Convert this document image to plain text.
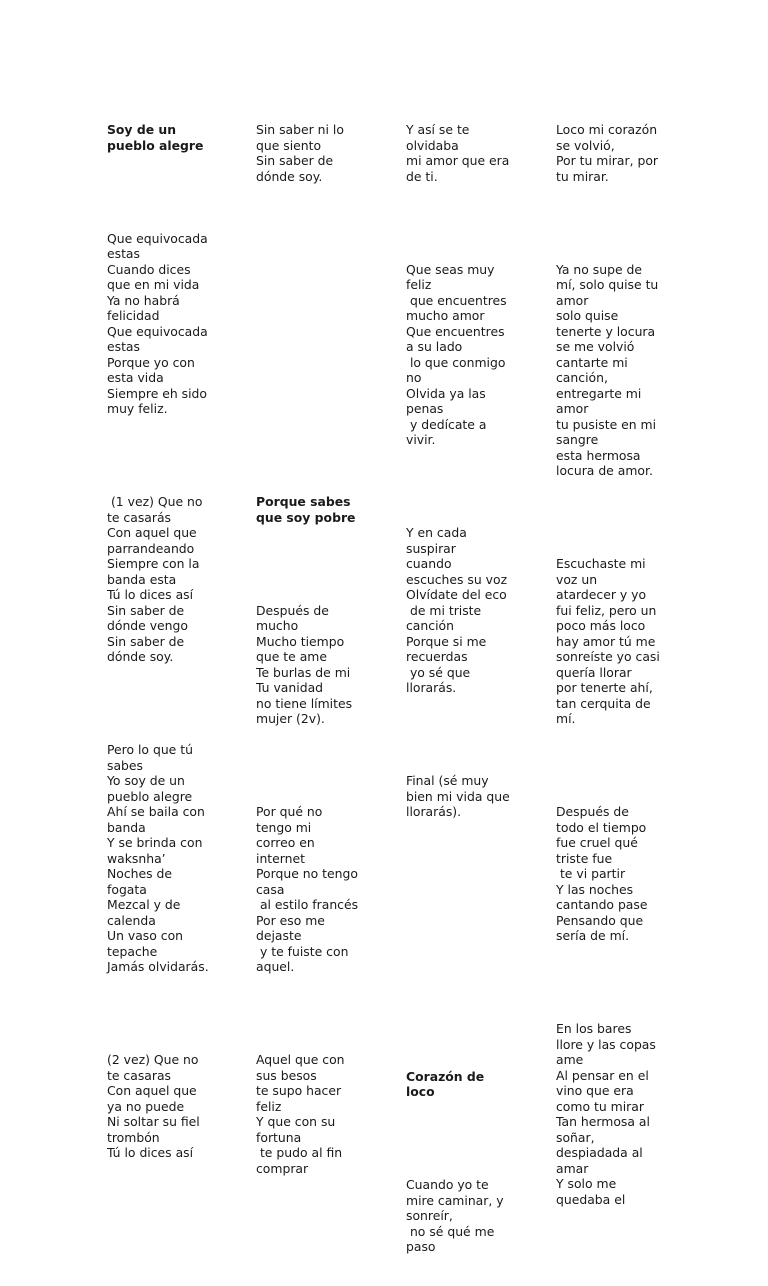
Soy de un
pueblo alegre

Que equivocada
estas
Cuando dices
que en mi vida
Ya no habrá
felicidad
Que equivocada
estas
Porque yo con
esta vida
Siempre eh sido
muy feliz.

(1 vez) Que no
te casarás
Con aquel que
parrandeando
Siempre con la
banda esta
Tú lo dices así
Sin saber de
dónde vengo
Sin saber de
dónde soy.

Pero lo que tú
sabes
Yo soy de un
pueblo alegre
Ahí se baila con
banda
Y se brinda con
waksnha’
Noches de
fogata
Mezcal y de
calenda
Un vaso con
tepache
Jamás olvidarás.

(2 vez) Que no
te casaras
Con aquel que
ya no puede
Ni soltar su fiel
trombón
Tú lo dices así

Sin saber ni lo
que siento
Sin saber de
dónde soy.

Porque sabes
que soy pobre

Después de
mucho
Mucho tiempo
que te ame
Te burlas de mi
Tu vanidad
no tiene límites
mujer (2v).

Por qué no
tengo mi
correo en
internet
Porque no tengo
casa
al estilo francés
Por eso me
dejaste
y te fuiste con
aquel.

Aquel que con
sus besos
te supo hacer
feliz
Y que con su
fortuna
te pudo al fin
comprar

Y así se te
olvidaba
mi amor que era
de ti.

Que seas muy
feliz
que encuentres
mucho amor
Que encuentres
a su lado
lo que conmigo
no
Olvida ya las
penas
y dedícate a
vivir.

Y en cada
suspirar
cuando
escuches su voz
Olvídate del eco
de mi triste
canción
Porque si me
recuerdas
yo sé que
llorarás.

Final (sé muy
bien mi vida que
llorarás).

Corazón de
loco

Cuando yo te
mire caminar, y
sonreír,
no sé qué me
paso

Loco mi corazón
se volvió,
Por tu mirar, por
tu mirar.

Ya no supe de
mí, solo quise tu
amor
solo quise
tenerte y locura
se me volvió
cantarte mi
canción,
entregarte mi
amor
tu pusiste en mi
sangre
esta hermosa
locura de amor.

Escuchaste mi
voz un
atardecer y yo
fui feliz, pero un
poco más loco
hay amor tú me
sonreíste yo casi
quería llorar
por tenerte ahí,
tan cerquita de
mí.

Después de
todo el tiempo
fue cruel qué
triste fue
te vi partir
Y las noches
cantando pase
Pensando que
sería de mí.

En los bares
llore y las copas
ame
Al pensar en el
vino que era
como tu mirar
Tan hermosa al
soñar,
despiadada al
amar
Y solo me
quedaba el
